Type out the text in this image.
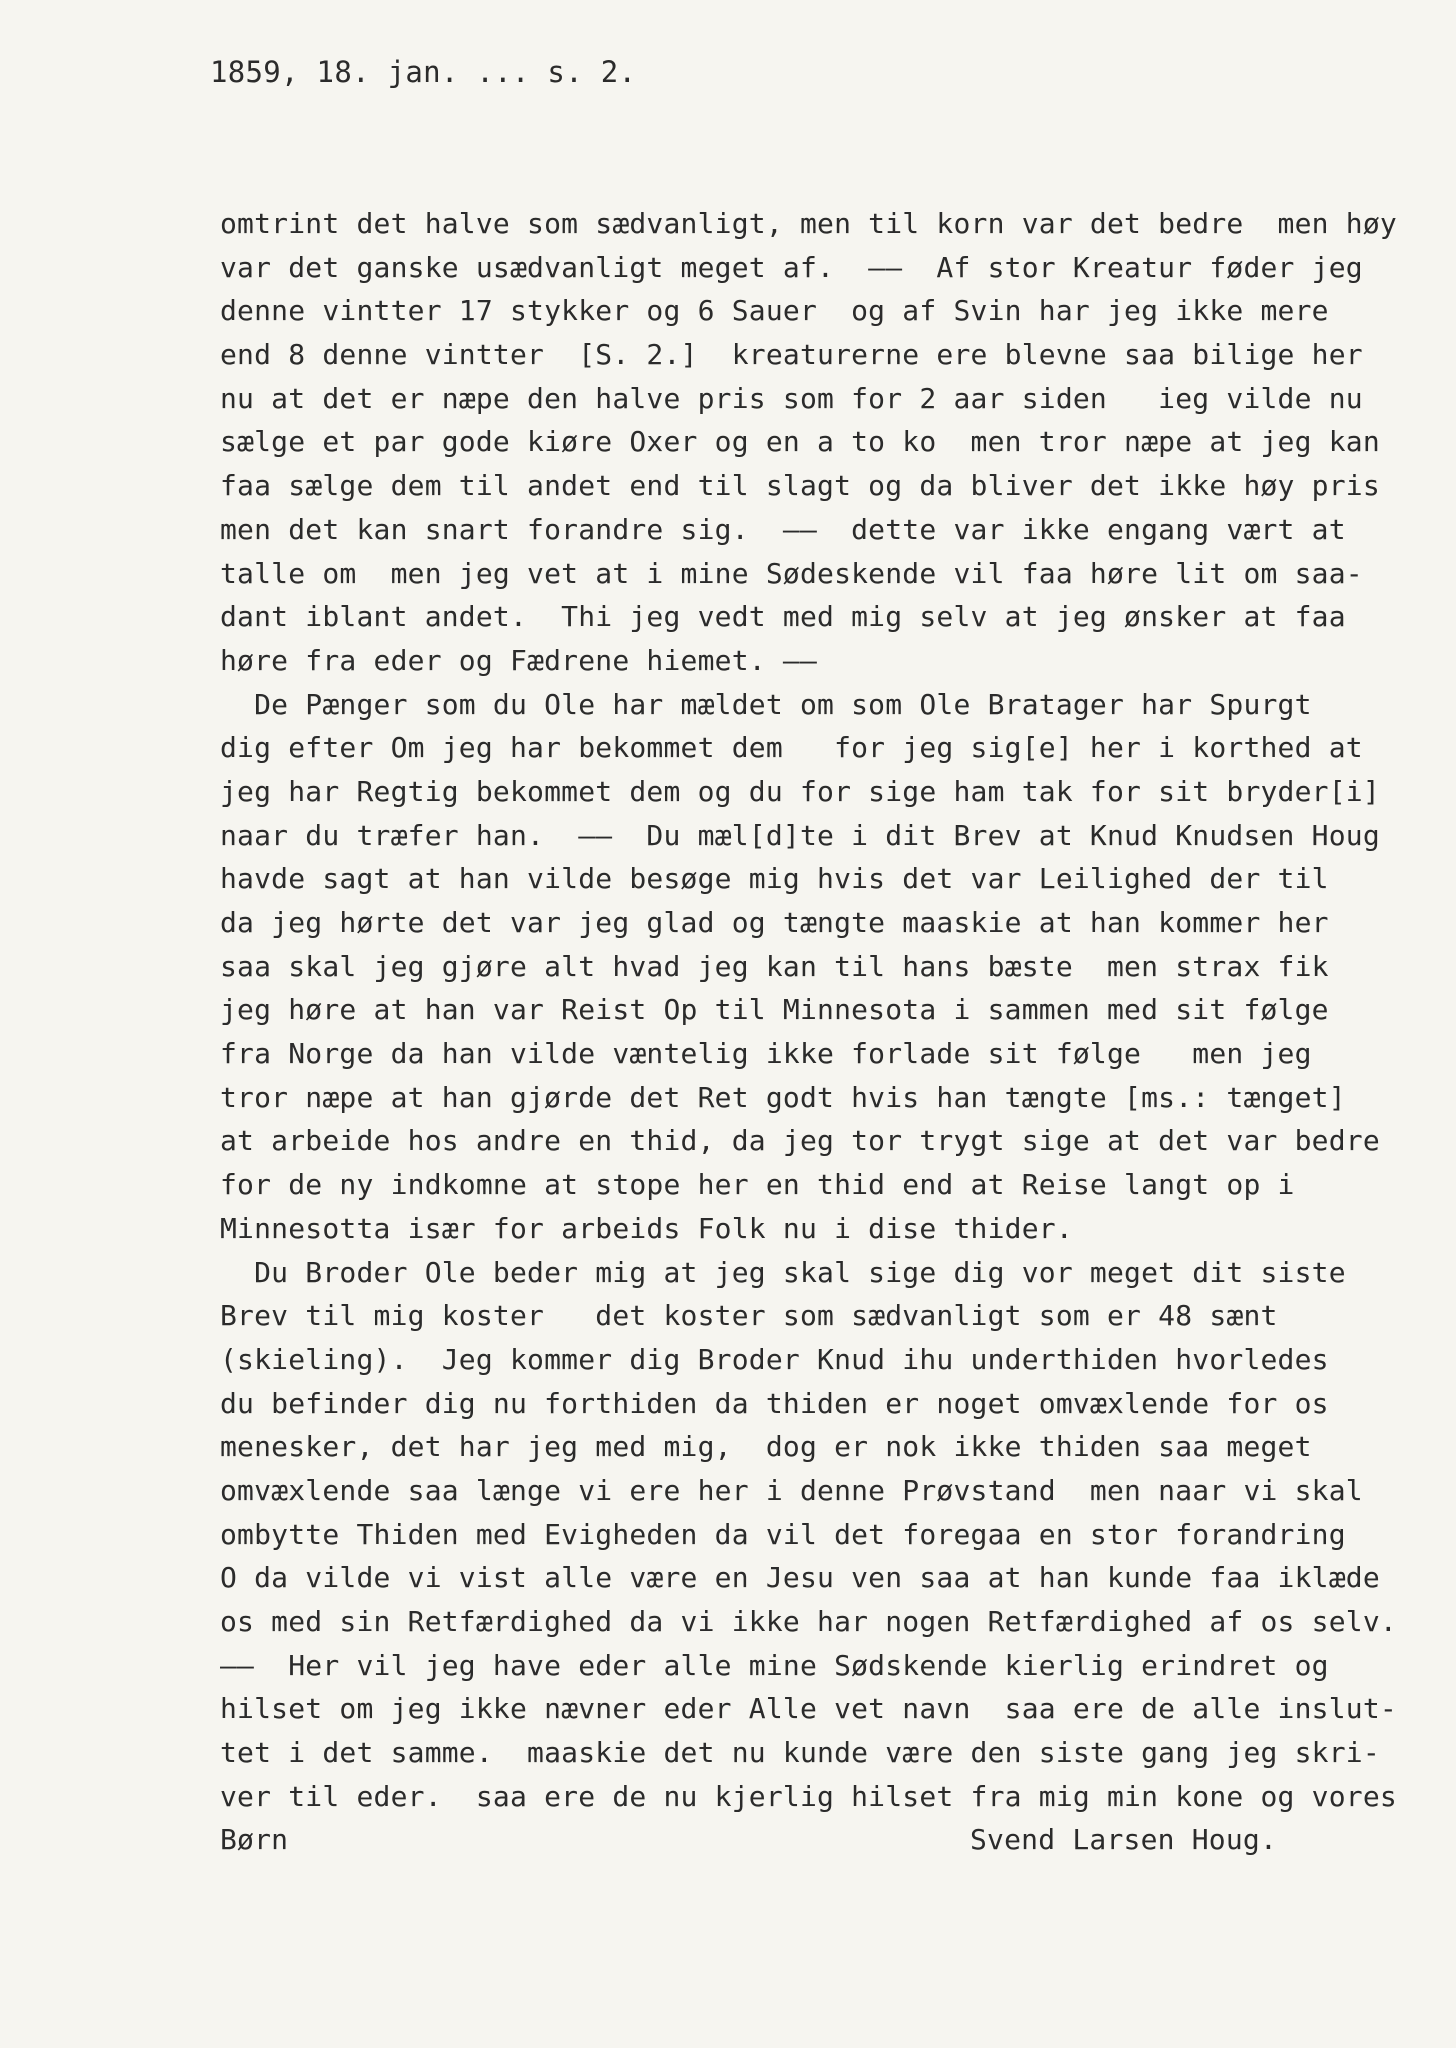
1859, 18. jan. ... s. 2.
omtrint det halve som sædvanligt, men til korn var det bedre  men høy
var det ganske usædvanligt meget af.  ––  Af stor Kreatur føder jeg
denne vintter 17 stykker og 6 Sauer  og af Svin har jeg ikke mere
end 8 denne vintter  [S. 2.]  kreaturerne ere blevne saa bilige her
nu at det er næpe den halve pris som for 2 aar siden   ieg vilde nu
sælge et par gode kiøre Oxer og en a to ko  men tror næpe at jeg kan
faa sælge dem til andet end til slagt og da bliver det ikke høy pris
men det kan snart forandre sig.  ––  dette var ikke engang vært at
talle om  men jeg vet at i mine Sødeskende vil faa høre lit om saa-
dant iblant andet.  Thi jeg vedt med mig selv at jeg ønsker at faa
høre fra eder og Fædrene hiemet. ––
De Pænger som du Ole har mældet om som Ole Bratager har Spurgt
dig efter Om jeg har bekommet dem   for jeg sig[e] her i korthed at
jeg har Regtig bekommet dem og du for sige ham tak for sit bryder[i]
naar du træfer han.  ––  Du mæl[d]te i dit Brev at Knud Knudsen Houg
havde sagt at han vilde besøge mig hvis det var Leilighed der til
da jeg hørte det var jeg glad og tængte maaskie at han kommer her
saa skal jeg gjøre alt hvad jeg kan til hans bæste  men strax fik
jeg høre at han var Reist Op til Minnesota i sammen med sit følge
fra Norge da han vilde væntelig ikke forlade sit følge   men jeg
tror næpe at han gjørde det Ret godt hvis han tængte [ms.: tænget]
at arbeide hos andre en thid, da jeg tor trygt sige at det var bedre
for de ny indkomne at stope her en thid end at Reise langt op i
Minnesotta især for arbeids Folk nu i dise thider.
Du Broder Ole beder mig at jeg skal sige dig vor meget dit siste
Brev til mig koster   det koster som sædvanligt som er 48 sænt
(skieling).  Jeg kommer dig Broder Knud ihu underthiden hvorledes
du befinder dig nu forthiden da thiden er noget omvæxlende for os
menesker, det har jeg med mig,  dog er nok ikke thiden saa meget
omvæxlende saa længe vi ere her i denne Prøvstand  men naar vi skal
ombytte Thiden med Evigheden da vil det foregaa en stor forandring
O da vilde vi vist alle være en Jesu ven saa at han kunde faa iklæde
os med sin Retfærdighed da vi ikke har nogen Retfærdighed af os selv.
––  Her vil jeg have eder alle mine Sødskende kierlig erindret og
hilset om jeg ikke nævner eder Alle vet navn  saa ere de alle inslut-
tet i det samme.  maaskie det nu kunde være den siste gang jeg skri-
ver til eder.  saa ere de nu kjerlig hilset fra mig min kone og vores

Børn

	Svend Larsen Houg.
